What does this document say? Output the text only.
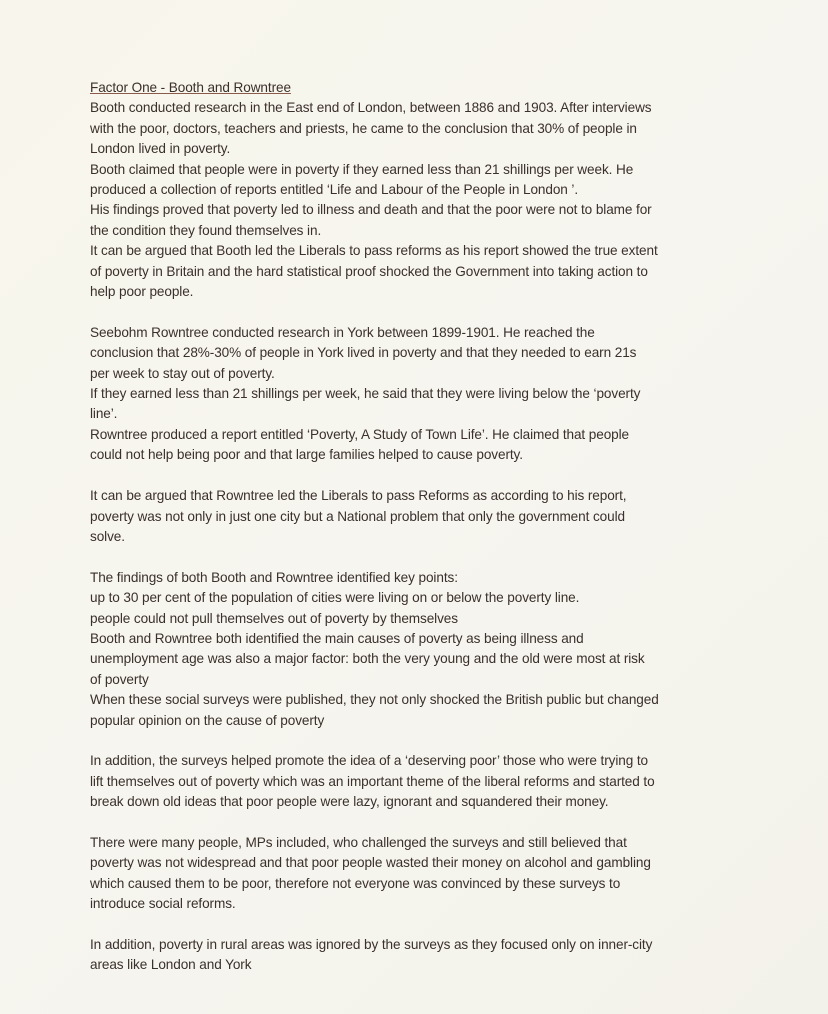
Factor One - Booth and Rowntree
Booth conducted research in the East end of London, between 1886 and 1903. After interviews
with the poor, doctors, teachers and priests, he came to the conclusion that 30% of people in
London lived in poverty.
Booth claimed that people were in poverty if they earned less than 21 shillings per week. He
produced a collection of reports entitled ‘Life and Labour of the People in London ’.
His findings proved that poverty led to illness and death and that the poor were not to blame for
the condition they found themselves in.
It can be argued that Booth led the Liberals to pass reforms as his report showed the true extent
of poverty in Britain and the hard statistical proof shocked the Government into taking action to
help poor people.
Seebohm Rowntree conducted research in York between 1899-1901. He reached the
conclusion that 28%-30% of people in York lived in poverty and that they needed to earn 21s
per week to stay out of poverty.
If they earned less than 21 shillings per week, he said that they were living below the ‘poverty
line’.
Rowntree produced a report entitled ‘Poverty, A Study of Town Life’. He claimed that people
could not help being poor and that large families helped to cause poverty.
It can be argued that Rowntree led the Liberals to pass Reforms as according to his report,
poverty was not only in just one city but a National problem that only the government could
solve.
The findings of both Booth and Rowntree identified key points:
up to 30 per cent of the population of cities were living on or below the poverty line.
people could not pull themselves out of poverty by themselves
Booth and Rowntree both identified the main causes of poverty as being illness and
unemployment age was also a major factor: both the very young and the old were most at risk
of poverty
When these social surveys were published, they not only shocked the British public but changed
popular opinion on the cause of poverty
In addition, the surveys helped promote the idea of a ‘deserving poor’ those who were trying to
lift themselves out of poverty which was an important theme of the liberal reforms and started to
break down old ideas that poor people were lazy, ignorant and squandered their money.
There were many people, MPs included, who challenged the surveys and still believed that
poverty was not widespread and that poor people wasted their money on alcohol and gambling
which caused them to be poor, therefore not everyone was convinced by these surveys to
introduce social reforms.
In addition, poverty in rural areas was ignored by the surveys as they focused only on inner-city
areas like London and York
